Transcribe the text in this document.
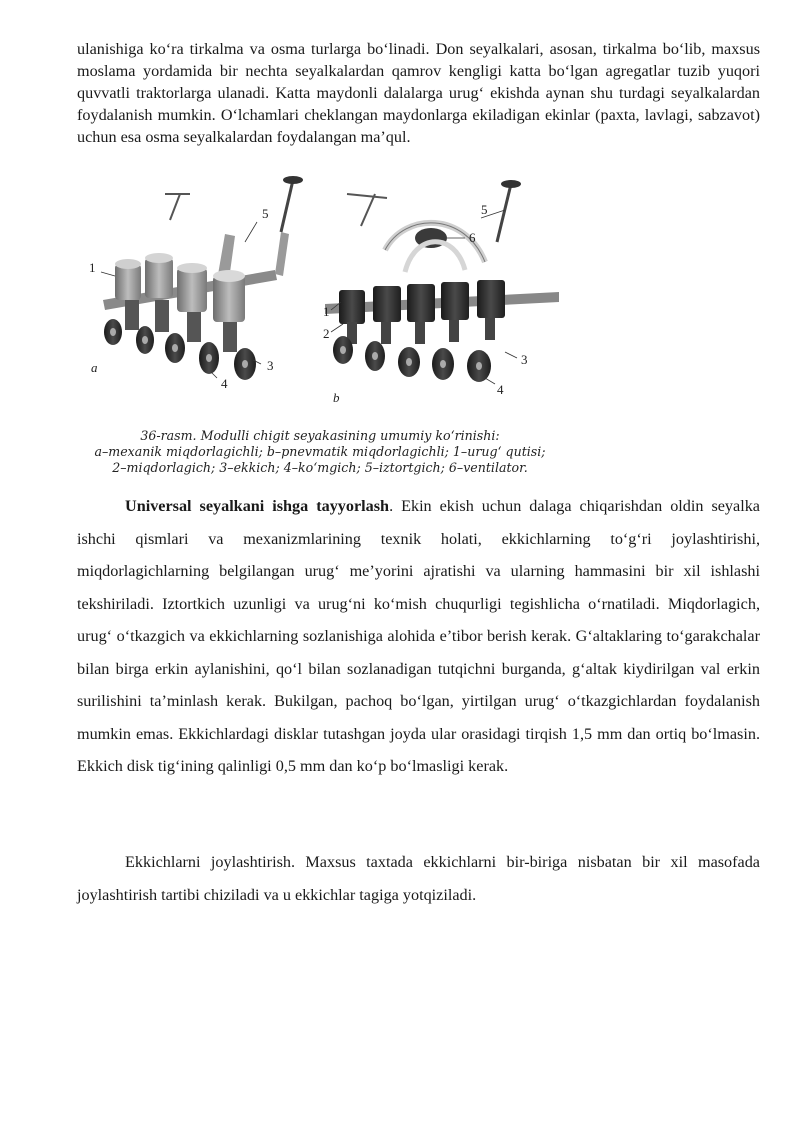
ulanishiga ko‘ra tirkalma va osma turlarga bo‘linadi. Don seyalkalari, asosan, tirkalma bo‘lib, maxsus moslama yordamida bir nechta seyalkalardan qamrov kengligi katta bo‘lgan agregatlar tuzib yuqori quvvatli traktorlarga ulanadi. Katta maydonli dalalarga urug‘ ekishda aynan shu turdagi seyalkalardan foydalanish mumkin. O‘lchamlari cheklangan maydonlarga ekiladigan ekinlar (paxta, lavlagi, sabzavot) uchun esa osma seyalkalardan foydalangan ma’qul.

1
5
3
4
a
5
6
1
2
3
4
b
36-rasm. Modulli chigit seyakasining umumiy ko‘rinishi:
a–mexanik miqdorlagichli; b–pnevmatik miqdorlagichli; 1–urug‘ qutisi;
2–miqdorlagich; 3–ekkich; 4–ko‘mgich; 5–iztortgich; 6–ventilator.

Universal seyalkani ishga tayyorlash. Ekin ekish uchun dalaga chiqarishdan oldin seyalka ishchi qismlari va mexanizmlarining texnik holati, ekkichlarning to‘g‘ri joylashtirishi, miqdorlagichlarning belgilangan urug‘ me’yorini ajratishi va ularning hammasini bir xil ishlashi tekshiriladi. Iztortkich uzunligi va urug‘ni ko‘mish chuqurligi tegishlicha o‘rnatiladi. Miqdorlagich, urug‘ o‘tkazgich va ekkichlarning sozlanishiga alohida e’tibor berish kerak. G‘altaklaring to‘garakchalar bilan birga erkin aylanishini, qo‘l bilan sozlanadigan tutqichni burganda, g‘altak kiydirilgan val erkin surilishini ta’minlash kerak. Bukilgan, pachoq bo‘lgan, yirtilgan urug‘ o‘tkazgichlardan foydalanish mumkin emas. Ekkichlardagi disklar tutashgan joyda ular orasidagi tirqish 1,5 mm dan ortiq bo‘lmasin. Ekkich disk tig‘ining qalinligi 0,5 mm dan ko‘p bo‘lmasligi kerak.

Ekkichlarni joylashtirish. Maxsus taxtada ekkichlarni bir-biriga nisbatan bir xil masofada joylashtirish tartibi chiziladi va u ekkichlar tagiga yotqiziladi.
